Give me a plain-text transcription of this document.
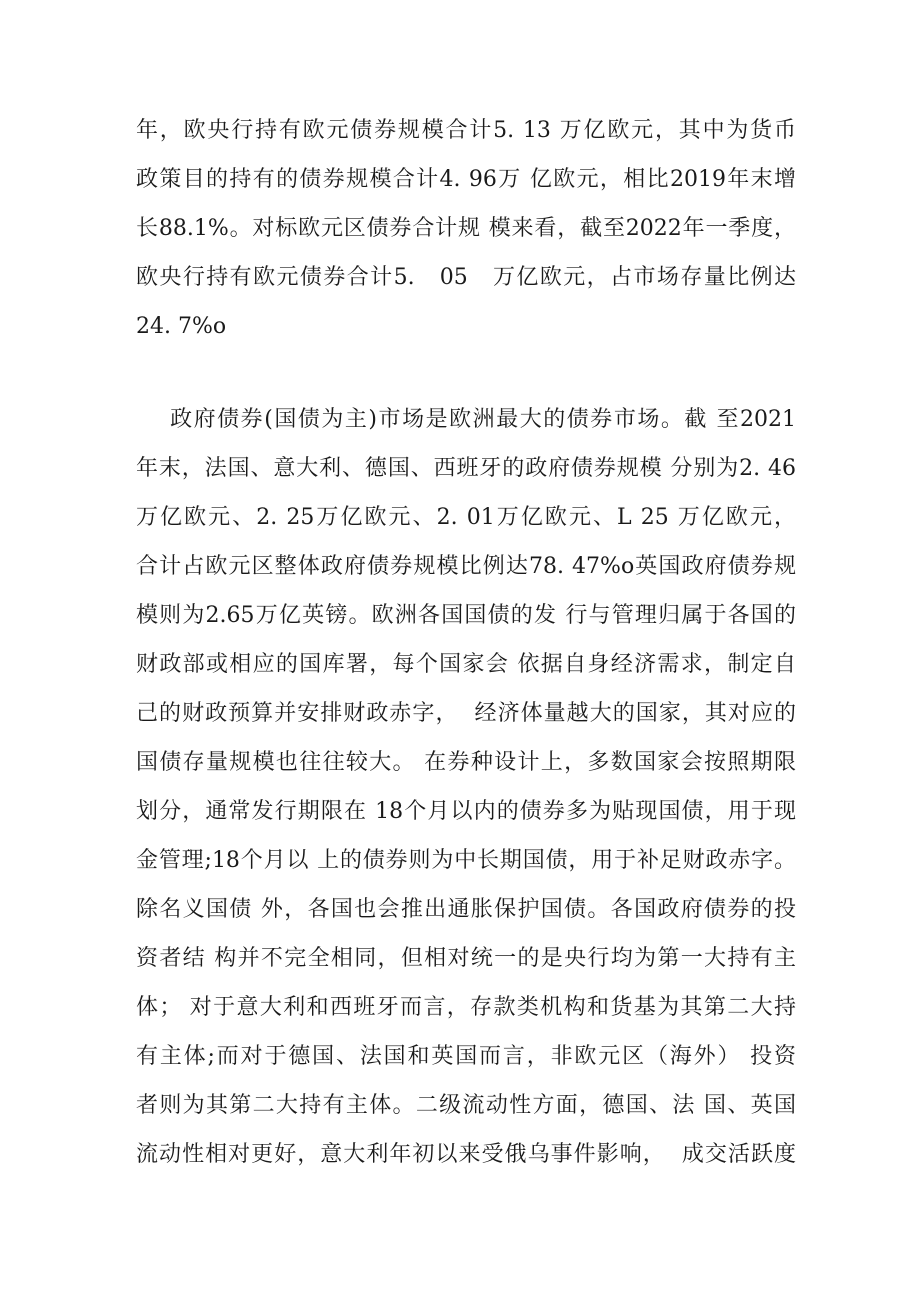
年，欧央行持有欧元债券规模合计5. 13 万亿欧元，其中为货币
政策目的持有的债券规模合计4. 96万 亿欧元，相比2019年末增
长88.1%。对标欧元区债券合计规 模来看，截至2022年一季度，
欧央行持有欧元债券合计5.   05   万亿欧元，占市场存量比例达
24. 7%o
政府债券(国债为主)市场是欧洲最大的债券市场。截 至2021
年末，法国、意大利、德国、西班牙的政府债券规模 分别为2. 46
万亿欧元、2. 25万亿欧元、2. 01万亿欧元、L 25 万亿欧元，
合计占欧元区整体政府债券规模比例达78. 47%o英国政府债券规
模则为2.65万亿英镑。欧洲各国国债的发 行与管理归属于各国的
财政部或相应的国库署，每个国家会 依据自身经济需求，制定自
己的财政预算并安排财政赤字，  经济体量越大的国家，其对应的
国债存量规模也往往较大。 在券种设计上，多数国家会按照期限
划分，通常发行期限在 18个月以内的债券多为贴现国债，用于现
金管理;18个月以 上的债券则为中长期国债，用于补足财政赤字。
除名义国债 外，各国也会推出通胀保护国债。各国政府债券的投
资者结 构并不完全相同，但相对统一的是央行均为第一大持有主
体； 对于意大利和西班牙而言，存款类机构和货基为其第二大持
有主体;而对于德国、法国和英国而言，非欧元区（海外） 投资
者则为其第二大持有主体。二级流动性方面，德国、法 国、英国
流动性相对更好，意大利年初以来受俄乌事件影响，  成交活跃度
